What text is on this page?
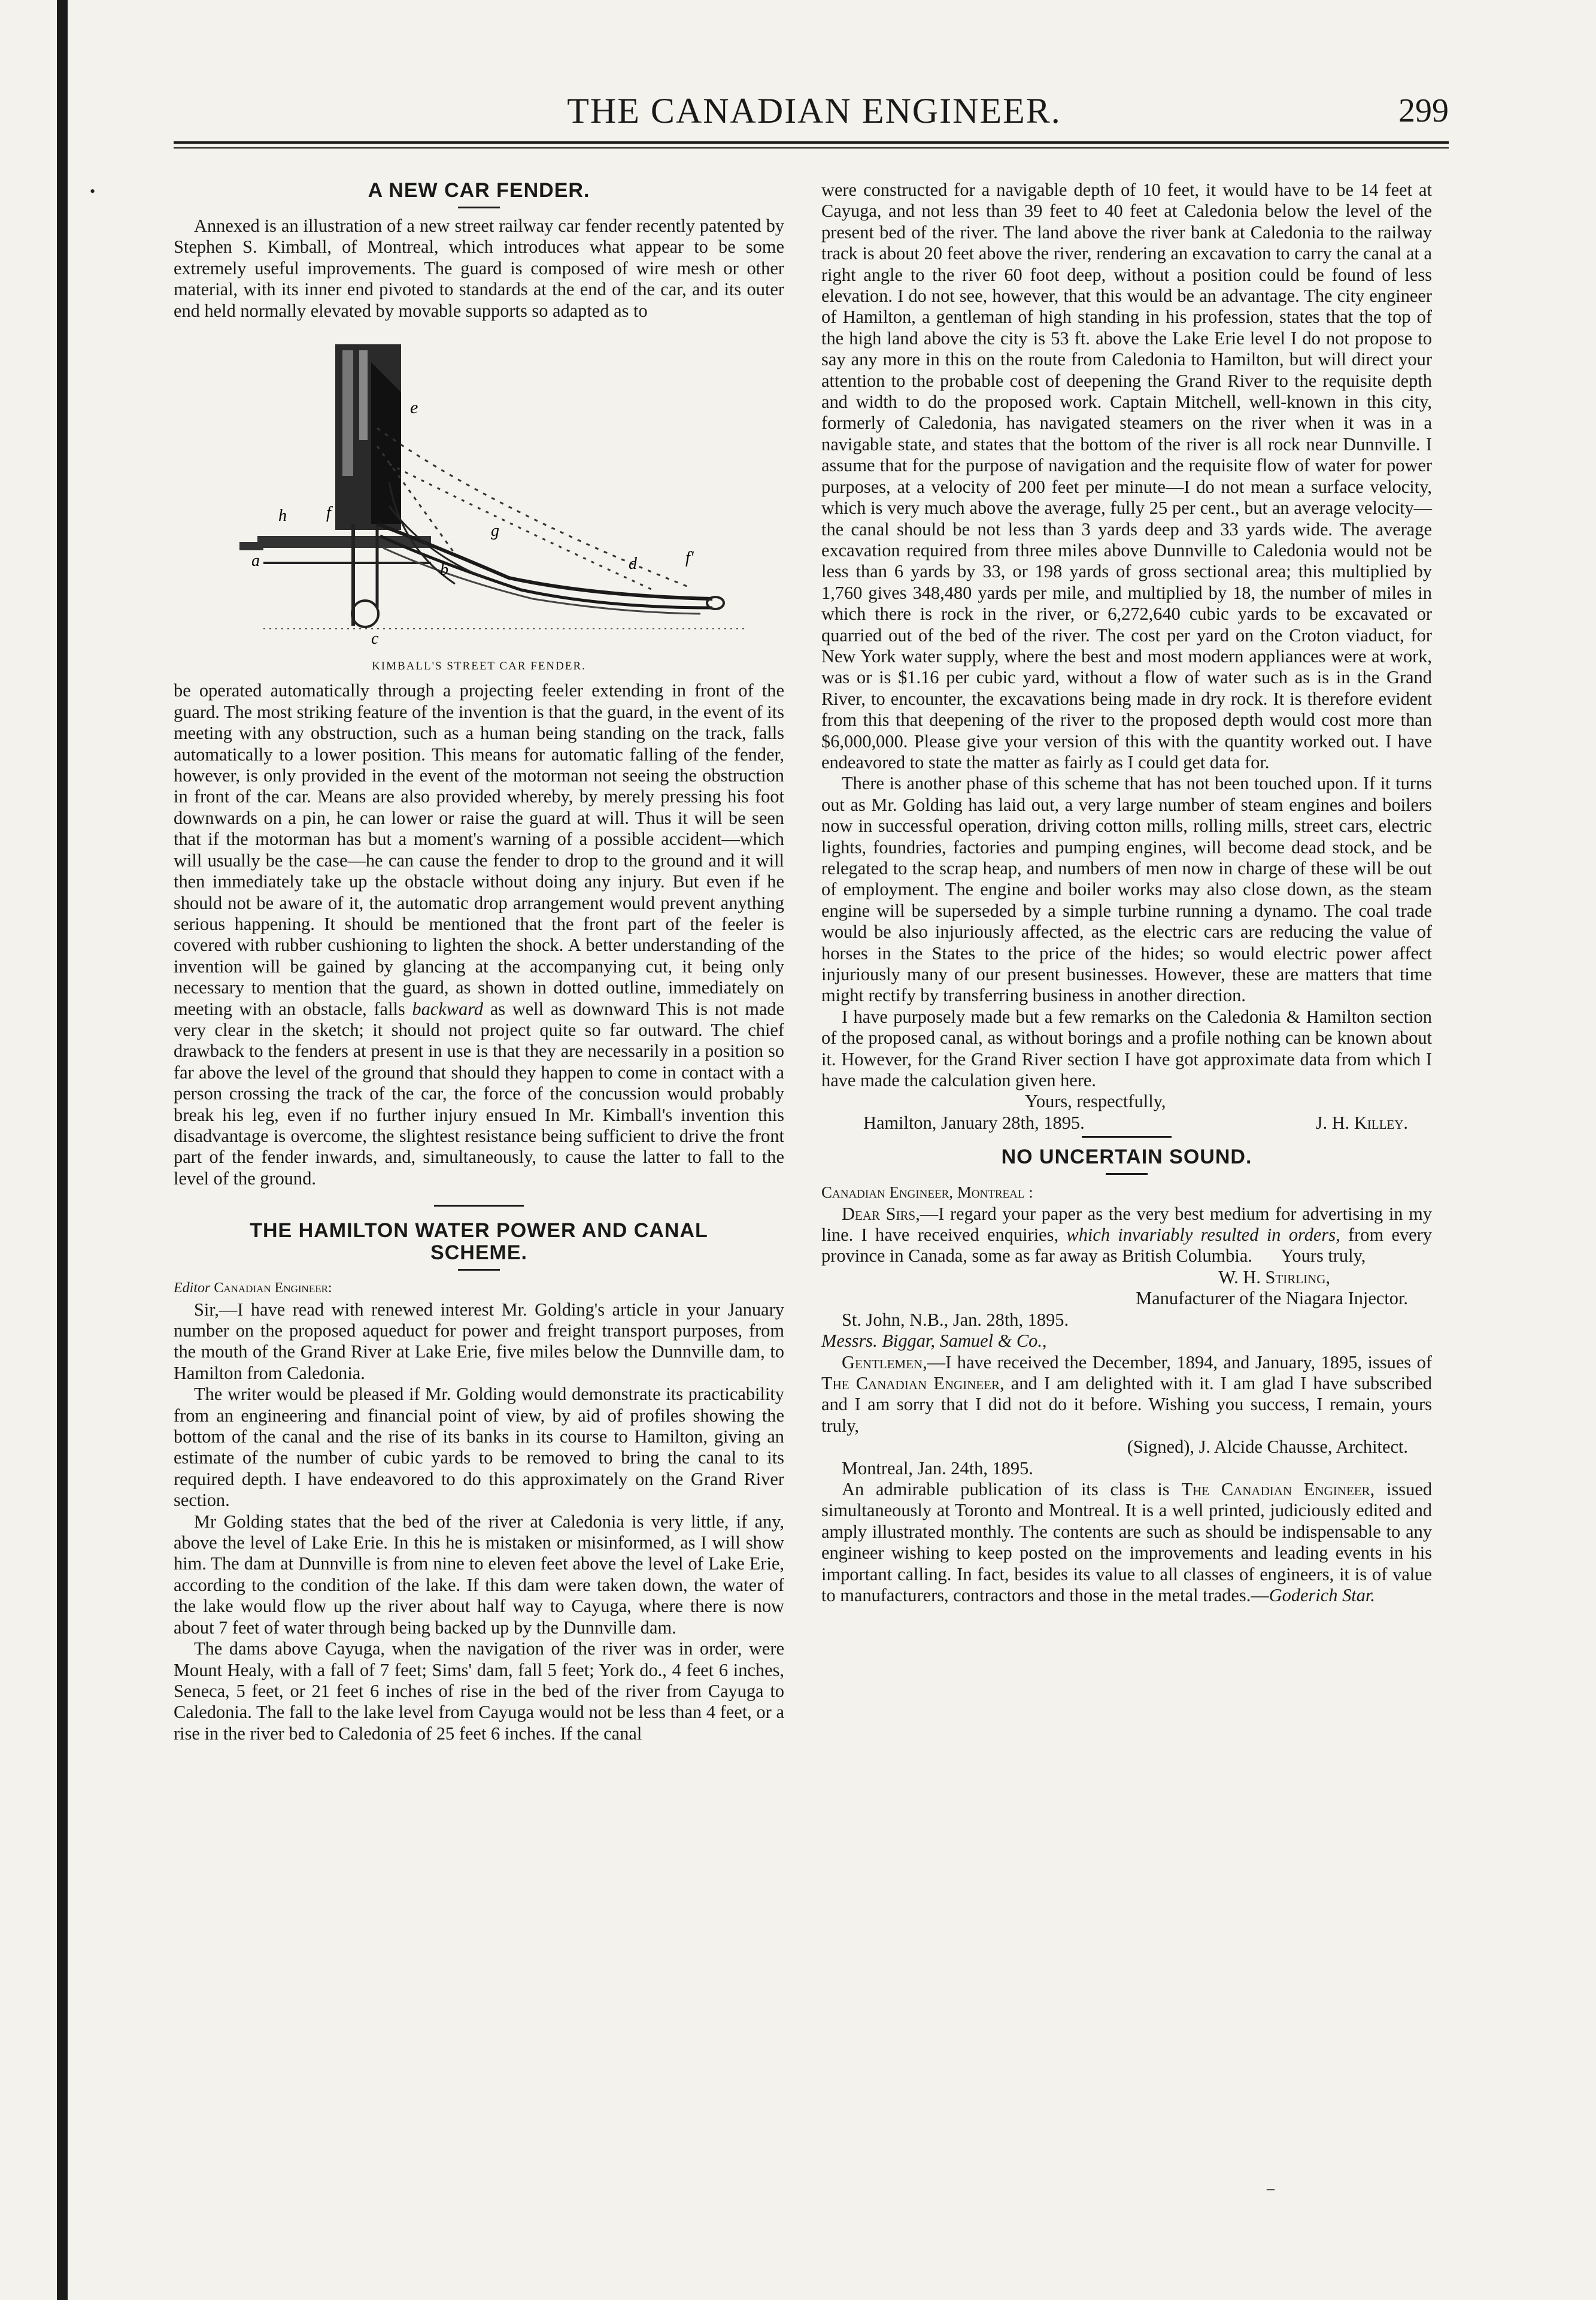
•
THE CANADIAN ENGINEER.	299
A NEW CAR FENDER.

Annexed is an illustration of a new street railway car fender recently patented by Stephen S. Kimball, of Montreal, which introduces what appear to be some extremely useful improvements. The guard is composed of wire mesh or other material, with its inner end pivoted to standards at the end of the car, and its outer end held normally elevated by movable supports so adapted as to

e
h f
g
d
c
f'
b
a
KIMBALL'S STREET CAR FENDER.

be operated automatically through a projecting feeler extending in front of the guard. The most striking feature of the invention is that the guard, in the event of its meeting with any obstruction, such as a human being standing on the track, falls automatically to a lower position. This means for automatic falling of the fender, however, is only provided in the event of the motorman not seeing the obstruction in front of the car. Means are also provided whereby, by merely pressing his foot downwards on a pin, he can lower or raise the guard at will. Thus it will be seen that if the motorman has but a moment's warning of a possible accident—which will usually be the case—he can cause the fender to drop to the ground and it will then immediately take up the obstacle without doing any injury. But even if he should not be aware of it, the automatic drop arrangement would prevent anything serious happening. It should be mentioned that the front part of the feeler is covered with rubber cushioning to lighten the shock. A better understanding of the invention will be gained by glancing at the accompanying cut, it being only necessary to mention that the guard, as shown in dotted outline, immediately on meeting with an obstacle, falls backward as well as downward This is not made very clear in the sketch; it should not project quite so far outward. The chief drawback to the fenders at present in use is that they are necessarily in a position so far above the level of the ground that should they happen to come in contact with a person crossing the track of the car, the force of the concussion would probably break his leg, even if no further injury ensued In Mr. Kimball's invention this disadvantage is overcome, the slightest resistance being sufficient to drive the front part of the fender inwards, and, simultaneously, to cause the latter to fall to the level of the ground.

THE HAMILTON WATER POWER AND CANAL
SCHEME.

Editor Canadian Engineer:

Sir,—I have read with renewed interest Mr. Golding's article in your January number on the proposed aqueduct for power and freight transport purposes, from the mouth of the Grand River at Lake Erie, five miles below the Dunnville dam, to Hamilton from Caledonia.

The writer would be pleased if Mr. Golding would demonstrate its practicability from an engineering and financial point of view, by aid of profiles showing the bottom of the canal and the rise of its banks in its course to Hamilton, giving an estimate of the number of cubic yards to be removed to bring the canal to its required depth. I have endeavored to do this approximately on the Grand River section.

Mr Golding states that the bed of the river at Caledonia is very little, if any, above the level of Lake Erie. In this he is mistaken or misinformed, as I will show him. The dam at Dunnville is from nine to eleven feet above the level of Lake Erie, according to the condition of the lake. If this dam were taken down, the water of the lake would flow up the river about half way to Cayuga, where there is now about 7 feet of water through being backed up by the Dunnville dam.

The dams above Cayuga, when the navigation of the river was in order, were Mount Healy, with a fall of 7 feet; Sims' dam, fall 5 feet; York do., 4 feet 6 inches, Seneca, 5 feet, or 21 feet 6 inches of rise in the bed of the river from Cayuga to Caledonia. The fall to the lake level from Cayuga would not be less than 4 feet, or a rise in the river bed to Caledonia of 25 feet 6 inches. If the canal

were constructed for a navigable depth of 10 feet, it would have to be 14 feet at Cayuga, and not less than 39 feet to 40 feet at Caledonia below the level of the present bed of the river. The land above the river bank at Caledonia to the railway track is about 20 feet above the river, rendering an excavation to carry the canal at a right angle to the river 60 foot deep, without a position could be found of less elevation. I do not see, however, that this would be an advantage. The city engineer of Hamilton, a gentleman of high standing in his profession, states that the top of the high land above the city is 53 ft. above the Lake Erie level I do not propose to say any more in this on the route from Caledonia to Hamilton, but will direct your attention to the probable cost of deepening the Grand River to the requisite depth and width to do the proposed work. Captain Mitchell, well-known in this city, formerly of Caledonia, has navigated steamers on the river when it was in a navigable state, and states that the bottom of the river is all rock near Dunnville. I assume that for the purpose of navigation and the requisite flow of water for power purposes, at a velocity of 200 feet per minute—I do not mean a surface velocity, which is very much above the average, fully 25 per cent., but an average velocity—the canal should be not less than 3 yards deep and 33 yards wide. The average excavation required from three miles above Dunnville to Caledonia would not be less than 6 yards by 33, or 198 yards of gross sectional area; this multiplied by 1,760 gives 348,480 yards per mile, and multiplied by 18, the number of miles in which there is rock in the river, or 6,272,640 cubic yards to be excavated or quarried out of the bed of the river. The cost per yard on the Croton viaduct, for New York water supply, where the best and most modern appliances were at work, was or is $1.16 per cubic yard, without a flow of water such as is in the Grand River, to encounter, the excavations being made in dry rock. It is therefore evident from this that deepening of the river to the proposed depth would cost more than $6,000,000. Please give your version of this with the quantity worked out. I have endeavored to state the matter as fairly as I could get data for.

There is another phase of this scheme that has not been touched upon. If it turns out as Mr. Golding has laid out, a very large number of steam engines and boilers now in successful operation, driving cotton mills, rolling mills, street cars, electric lights, foundries, factories and pumping engines, will become dead stock, and be relegated to the scrap heap, and numbers of men now in charge of these will be out of employment. The engine and boiler works may also close down, as the steam engine will be superseded by a simple turbine running a dynamo. The coal trade would be also injuriously affected, as the electric cars are reducing the value of horses in the States to the price of the hides; so would electric power affect injuriously many of our present businesses. However, these are matters that time might rectify by transferring business in another direction.

I have purposely made but a few remarks on the Caledonia & Hamilton section of the proposed canal, as without borings and a profile nothing can be known about it. However, for the Grand River section I have got approximate data from which I have made the calculation given here.

Yours, respectfully,

Hamilton, January 28th, 1895.	J. H. Killey.
NO UNCERTAIN SOUND.

Canadian Engineer, Montreal :

Dear Sirs,—I regard your paper as the very best medium for advertising in my line. I have received enquiries, which invariably resulted in orders, from every province in Canada, some as far away as British Columbia. Yours truly,

W. H. Stirling,

Manufacturer of the Niagara Injector.

St. John, N.B., Jan. 28th, 1895.

Messrs. Biggar, Samuel & Co.,

Gentlemen,—I have received the December, 1894, and January, 1895, issues of The Canadian Engineer, and I am delighted with it. I am glad I have subscribed and I am sorry that I did not do it before. Wishing you success, I remain, yours truly,

(Signed), J. Alcide Chausse, Architect.

Montreal, Jan. 24th, 1895.

An admirable publication of its class is The Canadian Engineer, issued simultaneously at Toronto and Montreal. It is a well printed, judiciously edited and amply illustrated monthly. The contents are such as should be indispensable to any engineer wishing to keep posted on the improvements and leading events in his important calling. In fact, besides its value to all classes of engineers, it is of value to manufacturers, contractors and those in the metal trades.—Goderich Star.

–
